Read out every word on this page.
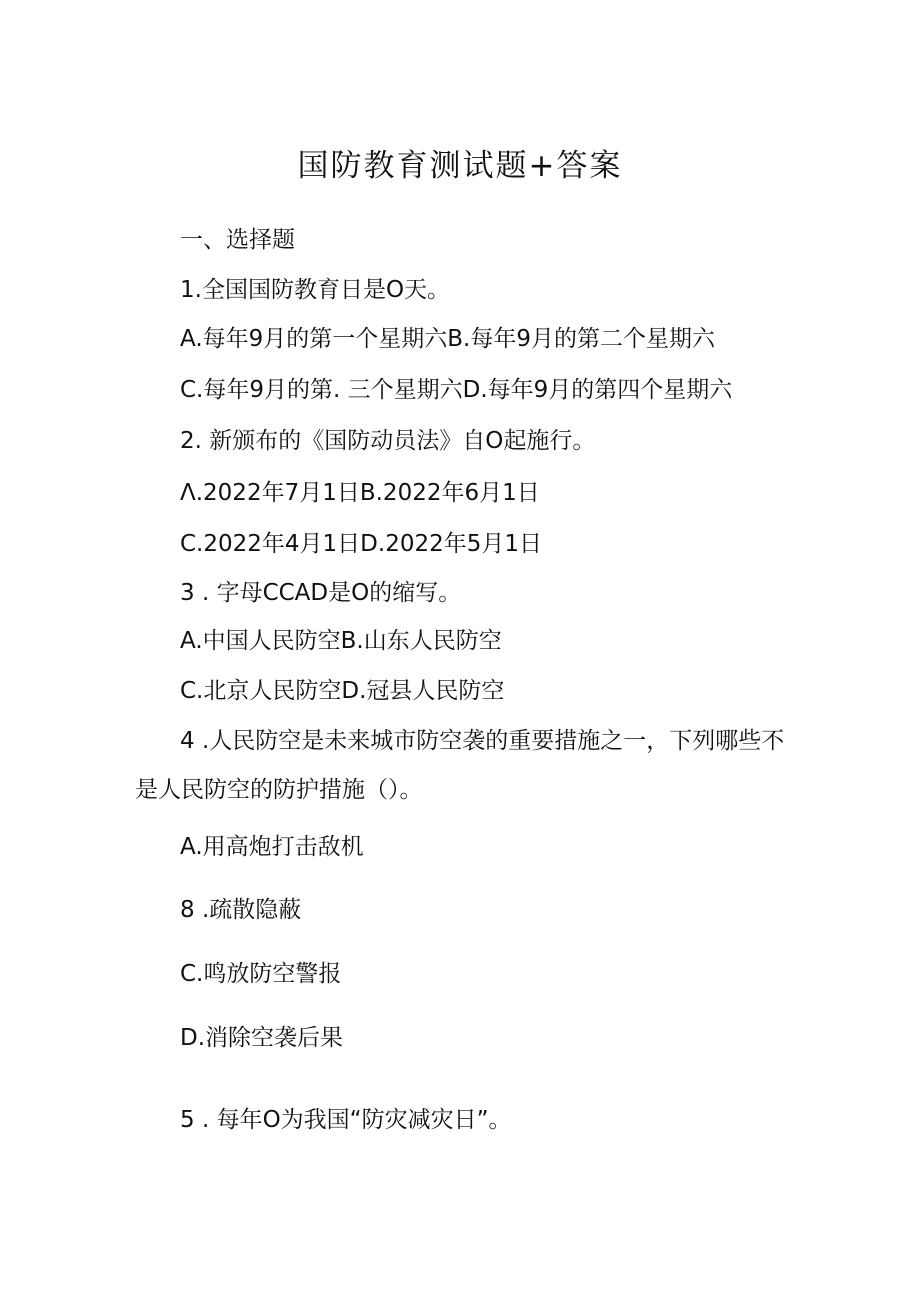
国防教育测试题+答案
一、选择题
1.全国国防教育日是O天。
A.每年9月的第一个星期六B.每年9月的第二个星期六
C.每年9月的第. 三个星期六D.每年9月的第四个星期六
2. 新颁布的《国防动员法》自O起施行。
Λ.2022年7月1日B.2022年6月1日
C.2022年4月1日D.2022年5月1日
3 . 字母CCAD是O的缩写。
A.中国人民防空B.山东人民防空
C.北京人民防空D.冠县人民防空
4 .人民防空是未来城市防空袭的重要措施之一，下列哪些不是人民防空的防护措施（）。
A.用高炮打击敌机
8 .疏散隐蔽
C.鸣放防空警报
D.消除空袭后果
5 . 每年O为我国“防灾减灾日”。
